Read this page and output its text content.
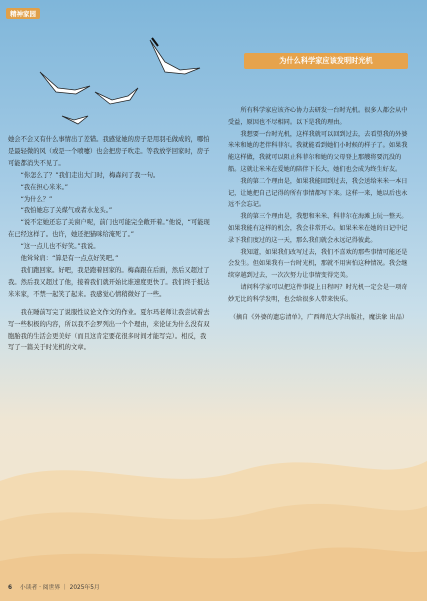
精神家园
为什么科学家应该发明时光机

她会不会又有什么事情出了差错。我感觉她的房子是用羽毛做成的，哪怕是最轻微的风（或是一个喷嚏）也会把房子吹走。等我放学回家时，房子可能都消失不见了。

“你怎么了？”我们走出大门时，梅森问了我一句。

“我在担心米米。”

“为什么？”

“我怕她忘了关煤气或者水龙头。”

“说不定她还忘了关窗户呢，前门也可能完全敞开着。”他说，“可能现在已经这样了。也许，她还把猫咪给淹死了。”

“这一点儿也不好笑。”我说。

他耸耸肩：“算是有一点点好笑吧。”

我们跑回家。好吧，我是跑着回家的。梅森跟在后面，然后又超过了我。然后我又超过了他，接着我们就开始比谁速度更快了。我们终于抵达米米家，不禁一起笑了起来。我感觉心情稍微好了一些。

我在睡前写完了说服性议论文作文的作业。夏尔玛老师让我尝试着去写一些积极的内容，所以我不会罗列出一个个理由，来论证为什么没有双胞胎我的生活会更美好（而且这肯定要花很多时间才能写完）。相反，我写了一篇关于时光机的文章。

所有科学家应该齐心协力去研发一台时光机。很多人都会从中受益，原因也不尽相同。以下是我的理由。

我想要一台时光机，这样我就可以回到过去，去看望我的外婆米米和她的老伴科菲尔。我就能看到她们小时候的样子了。如果我能这样做，我就可以阻止科菲尔和她的父母登上那艘将要沉没的船。这就让米米在爱她的陪伴下长大，她们也会成为终生好友。

我的第二个理由是，如果我能回到过去，我会送给米米一本日记，让她把自己记得的所有事情都写下来。这样一来，她以后也永远不会忘记。

我的第三个理由是，我想和米米、科菲尔在海滩上玩一整天。如果我能有这样的机会，我会非常开心。如果米米在她的日记中记录下我们度过的这一天，那么我们就会永远记得彼此。

我知道，如果我们改写过去，我们不喜欢的那些事情可能还是会发生。但如果我有一台时光机，那就不用害怕这种情况。我会继续穿越到过去，一次次努力让事情变得完美。

请问科学家可以把这件事提上日程吗？时光机一定会是一项奇妙无比的科学发明，也会给很多人带来快乐。

（摘自《外婆的遗忘清单》，广西师范大学出版社，魔法象 出品）

6 小读者 · 阅世界 ｜ 2025年5月
